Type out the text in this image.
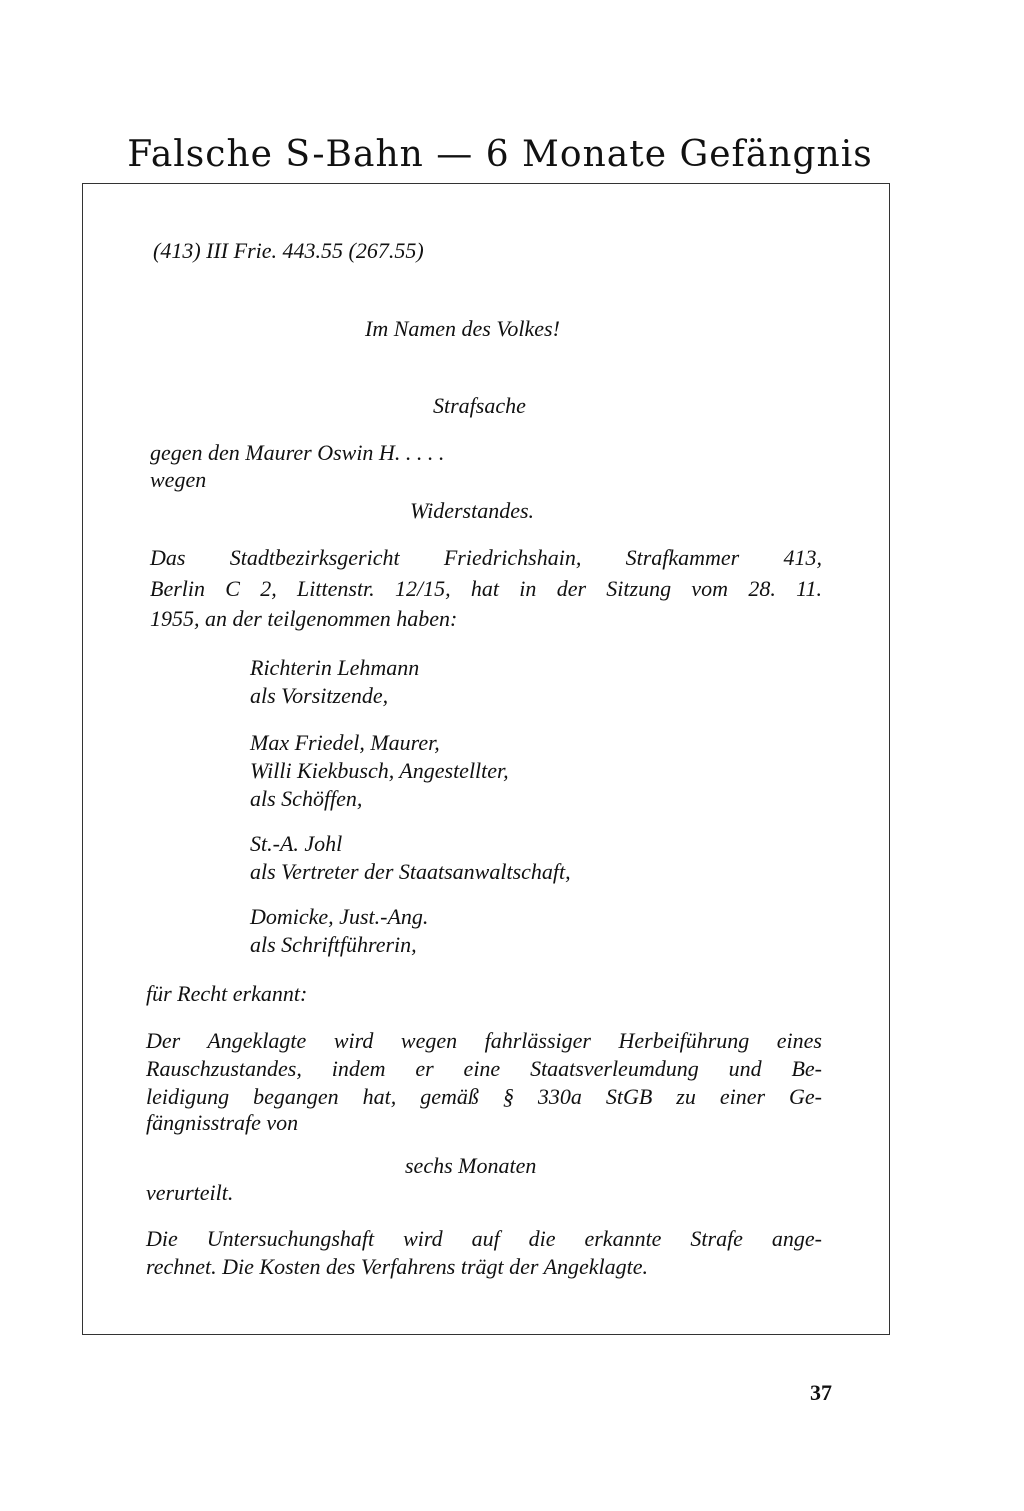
Falsche S-Bahn — 6 Monate Gefängnis
(413) III Frie. 443.55 (267.55)
Im Namen des Volkes!
Strafsache
gegen den Maurer Oswin H. . . . .
wegen
Widerstandes.
Das Stadtbezirksgericht Friedrichshain, Strafkammer 413,
Berlin C 2, Littenstr. 12/15, hat in der Sitzung vom 28. 11.
1955, an der teilgenommen haben:
Richterin Lehmann
als Vorsitzende,
Max Friedel, Maurer,
Willi Kiekbusch, Angestellter,
als Schöffen,
St.-A. Johl
als Vertreter der Staatsanwaltschaft,
Domicke, Just.-Ang.
als Schriftführerin,
für Recht erkannt:
Der Angeklagte wird wegen fahrlässiger Herbeiführung eines
Rauschzustandes, indem er eine Staatsverleumdung und Be-
leidigung begangen hat, gemäß § 330a StGB zu einer Ge-
fängnisstrafe von
sechs Monaten
verurteilt.
Die Untersuchungshaft wird auf die erkannte Strafe ange-
rechnet. Die Kosten des Verfahrens trägt der Angeklagte.
37
